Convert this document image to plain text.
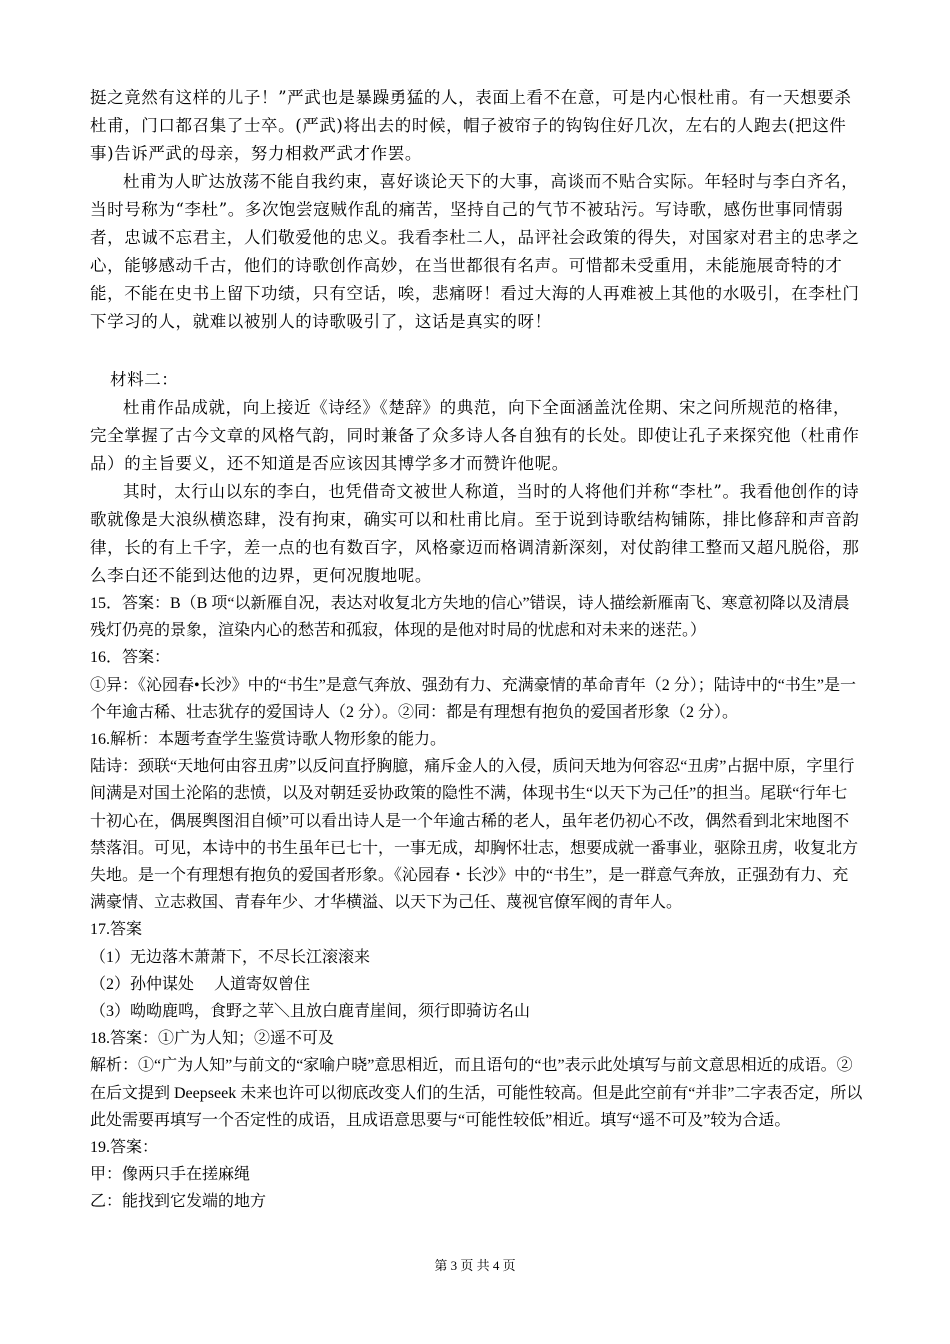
挺之竟然有这样的儿子！”严武也是暴躁勇猛的人，表面上看不在意，可是内心恨杜甫。有一天想要杀杜甫，门口都召集了士卒。(严武)将出去的时候，帽子被帘子的钩钩住好几次，左右的人跑去(把这件事)告诉严武的母亲，努力相救严武才作罢。

杜甫为人旷达放荡不能自我约束，喜好谈论天下的大事，高谈而不贴合实际。年轻时与李白齐名，当时号称为“李杜”。多次饱尝寇贼作乱的痛苦，坚持自己的气节不被玷污。写诗歌，感伤世事同情弱者，忠诚不忘君主，人们敬爱他的忠义。我看李杜二人，品评社会政策的得失，对国家对君主的忠孝之心，能够感动千古，他们的诗歌创作高妙，在当世都很有名声。可惜都未受重用，未能施展奇特的才能，不能在史书上留下功绩，只有空话，唉，悲痛呀！看过大海的人再难被上其他的水吸引，在李杜门下学习的人，就难以被别人的诗歌吸引了，这话是真实的呀！

材料二：

杜甫作品成就，向上接近《诗经》《楚辞》的典范，向下全面涵盖沈佺期、宋之问所规范的格律，完全掌握了古今文章的风格气韵，同时兼备了众多诗人各自独有的长处。即使让孔子来探究他（杜甫作品）的主旨要义，还不知道是否应该因其博学多才而赞许他呢。

其时，太行山以东的李白，也凭借奇文被世人称道，当时的人将他们并称“李杜”。我看他创作的诗歌就像是大浪纵横恣肆，没有拘束，确实可以和杜甫比肩。至于说到诗歌结构铺陈，排比修辞和声音韵律，长的有上千字，差一点的也有数百字，风格豪迈而格调清新深刻，对仗韵律工整而又超凡脱俗，那么李白还不能到达他的边界，更何况腹地呢。

15．答案：B（B 项“以新雁自况，表达对收复北方失地的信心”错误，诗人描绘新雁南飞、寒意初降以及清晨残灯仍亮的景象，渲染内心的愁苦和孤寂，体现的是他对时局的忧虑和对未来的迷茫。）

16．答案：

①异：《沁园春•长沙》中的“书生”是意气奔放、强劲有力、充满豪情的革命青年（2 分）；陆诗中的“书生”是一个年逾古稀、壮志犹存的爱国诗人（2 分）。②同：都是有理想有抱负的爱国者形象（2 分）。

16.解析：本题考查学生鉴赏诗歌人物形象的能力。

陆诗：颈联“天地何由容丑虏”以反问直抒胸臆，痛斥金人的入侵，质问天地为何容忍“丑虏”占据中原，字里行间满是对国土沦陷的悲愤，以及对朝廷妥协政策的隐性不满，体现书生“以天下为己任”的担当。尾联“行年七十初心在，偶展舆图泪自倾”可以看出诗人是一个年逾古稀的老人，虽年老仍初心不改，偶然看到北宋地图不禁落泪。可见，本诗中的书生虽年已七十，一事无成，却胸怀壮志，想要成就一番事业，驱除丑虏，收复北方失地。是一个有理想有抱负的爱国者形象。《沁园春・长沙》中的“书生”，是一群意气奔放，正强劲有力、充满豪情、立志救国、青春年少、才华横溢、以天下为己任、蔑视官僚军阀的青年人。

17.答案

（1）无边落木萧萧下，不尽长江滚滚来

（2）孙仲谋处　 人道寄奴曾住

（3）呦呦鹿鸣，食野之苹＼且放白鹿青崖间，须行即骑访名山

18.答案：①广为人知；②遥不可及

解析：①“广为人知”与前文的“家喻户晓”意思相近，而且语句的“也”表示此处填写与前文意思相近的成语。②在后文提到 Deepseek 未来也许可以彻底改变人们的生活，可能性较高。但是此空前有“并非”二字表否定，所以此处需要再填写一个否定性的成语，且成语意思要与“可能性较低”相近。填写“遥不可及”较为合适。

19.答案：

甲：像两只手在搓麻绳

乙：能找到它发端的地方

第 3 页 共 4 页
